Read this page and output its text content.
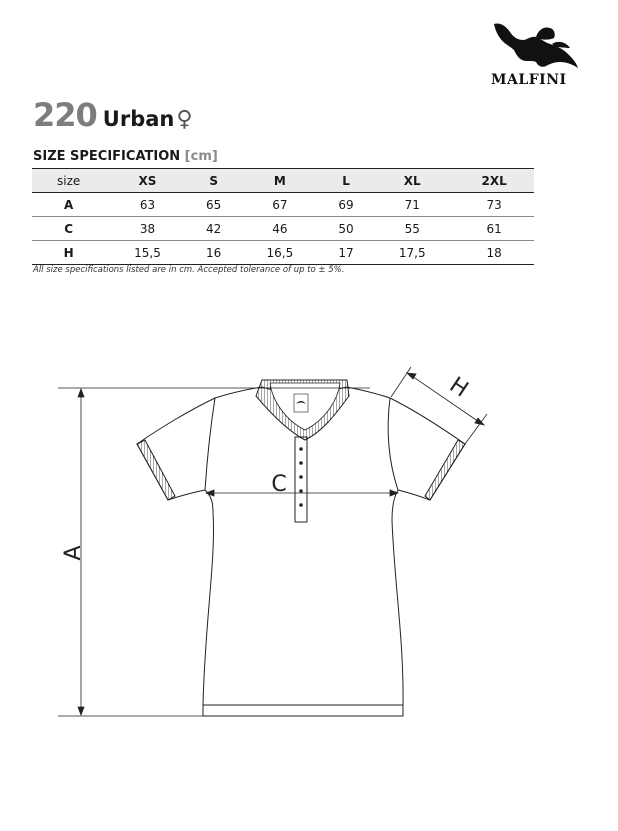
MALFINI
220 Urban♀
SIZE SPECIFICATION [cm]
size	XS	S	M	L	XL	2XL
A	63	65	67	69	71	73
C	38	42	46	50	55	61
H	15,5	16	16,5	17	17,5	18
All size specifications listed are in cm. Accepted tolerance of up to ± 5%.
A
C
H
